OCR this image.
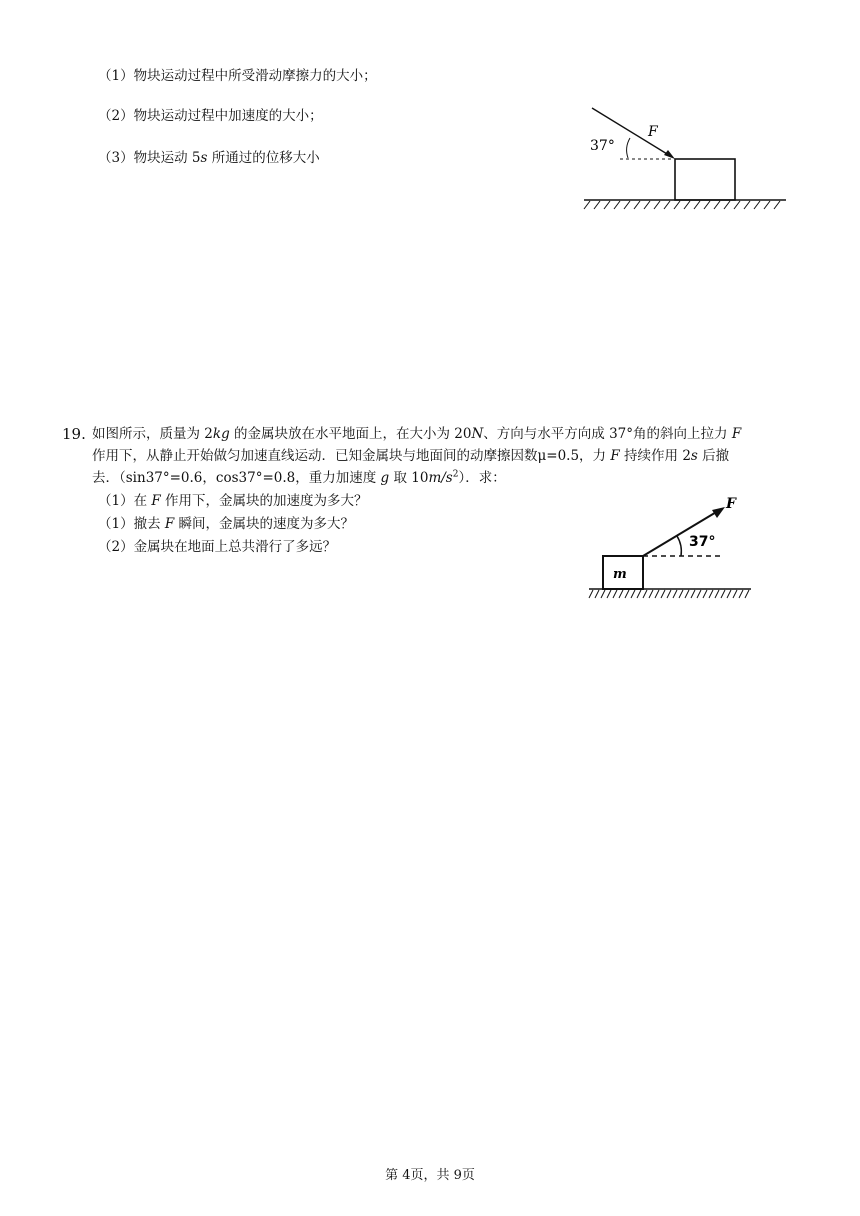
（1）物块运动过程中所受滑动摩擦力的大小；
（2）物块运动过程中加速度的大小；
（3）物块运动 5s 所通过的位移大小
37°
F
19. 如图所示，质量为 2kg 的金属块放在水平地面上，在大小为 20N、方向与水平方向成 37°角的斜向上拉力 F
作用下，从静止开始做匀加速直线运动．已知金属块与地面间的动摩擦因数μ=0.5，力 F 持续作用 2s 后撤
去．（sin37°=0.6，cos37°=0.8，重力加速度 g 取 $10m/s^2$）．求：
（1）在 F 作用下，金属块的加速度为多大？
（1）撤去 F 瞬间，金属块的速度为多大？
（2）金属块在地面上总共滑行了多远？
m
F
37°
第 4页，共 9页
